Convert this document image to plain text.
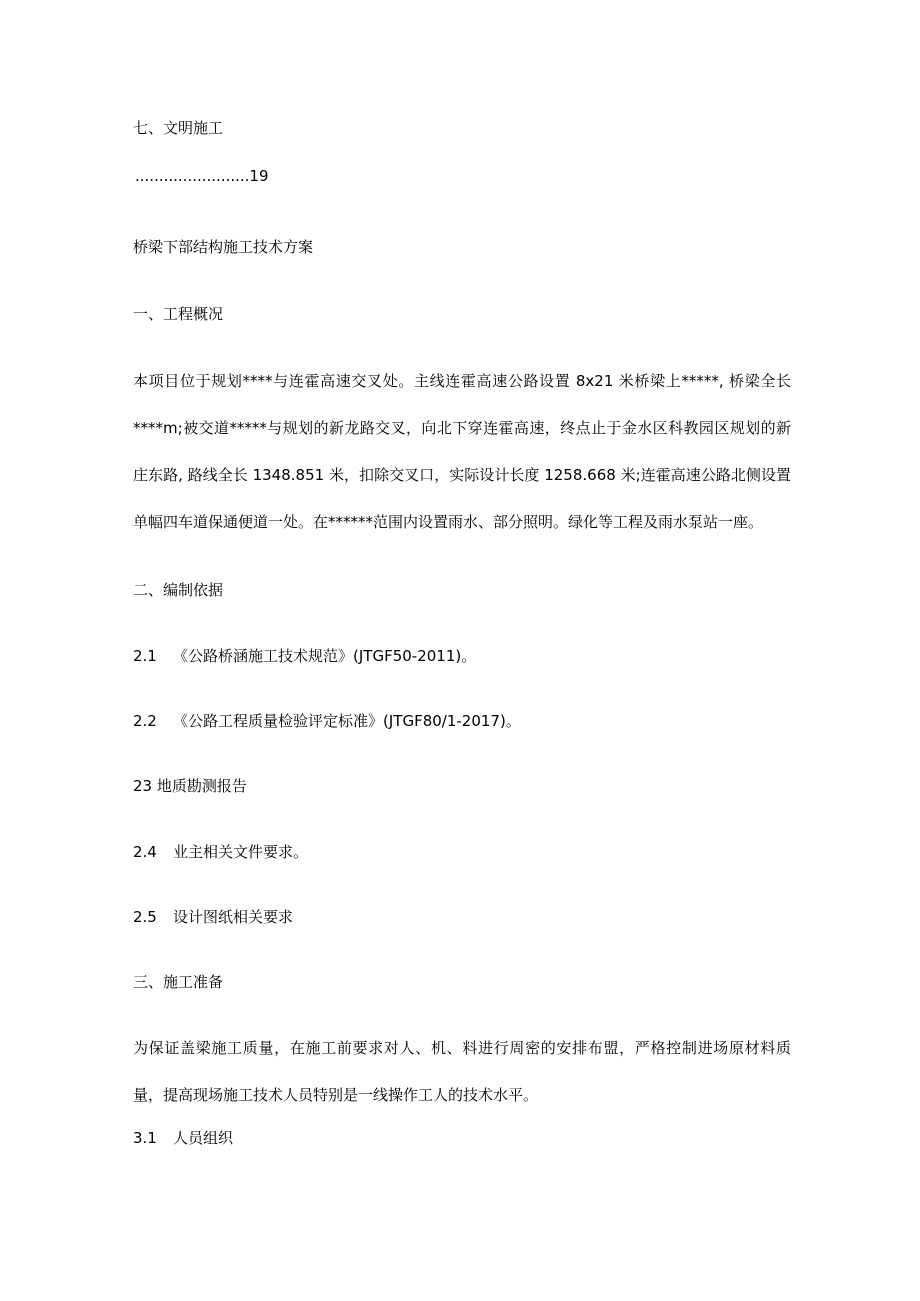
七、文明施工
........................19
桥梁下部结构施工技术方案
一、工程概况
本项目位于规划****与连霍高速交叉处。主线连霍高速公路设置 8x21 米桥梁上*****, 桥梁全长
****m;被交道*****与规划的新龙路交叉，向北下穿连霍高速，终点止于金水区科教园区规划的新
庄东路, 路线全长 1348.851 米，扣除交叉口，实际设计长度 1258.668 米;连霍高速公路北侧设置
单幅四车道保通便道一处。在******范围内设置雨水、部分照明。绿化等工程及雨水泵站一座。
二、编制依据
2.1 《公路桥涵施工技术规范》(JTGF50-2011)。
2.2 《公路工程质量检验评定标准》(JTGF80/1-2017)。
23 地质勘测报告
2.4 业主相关文件要求。
2.5 设计图纸相关要求
三、施工准备
为保证盖梁施工质量，在施工前要求对人、机、料进行周密的安排布盟，严格控制进场原材料质
量，提高现场施工技术人员特别是一线操作工人的技术水平。
3.1 人员组织
